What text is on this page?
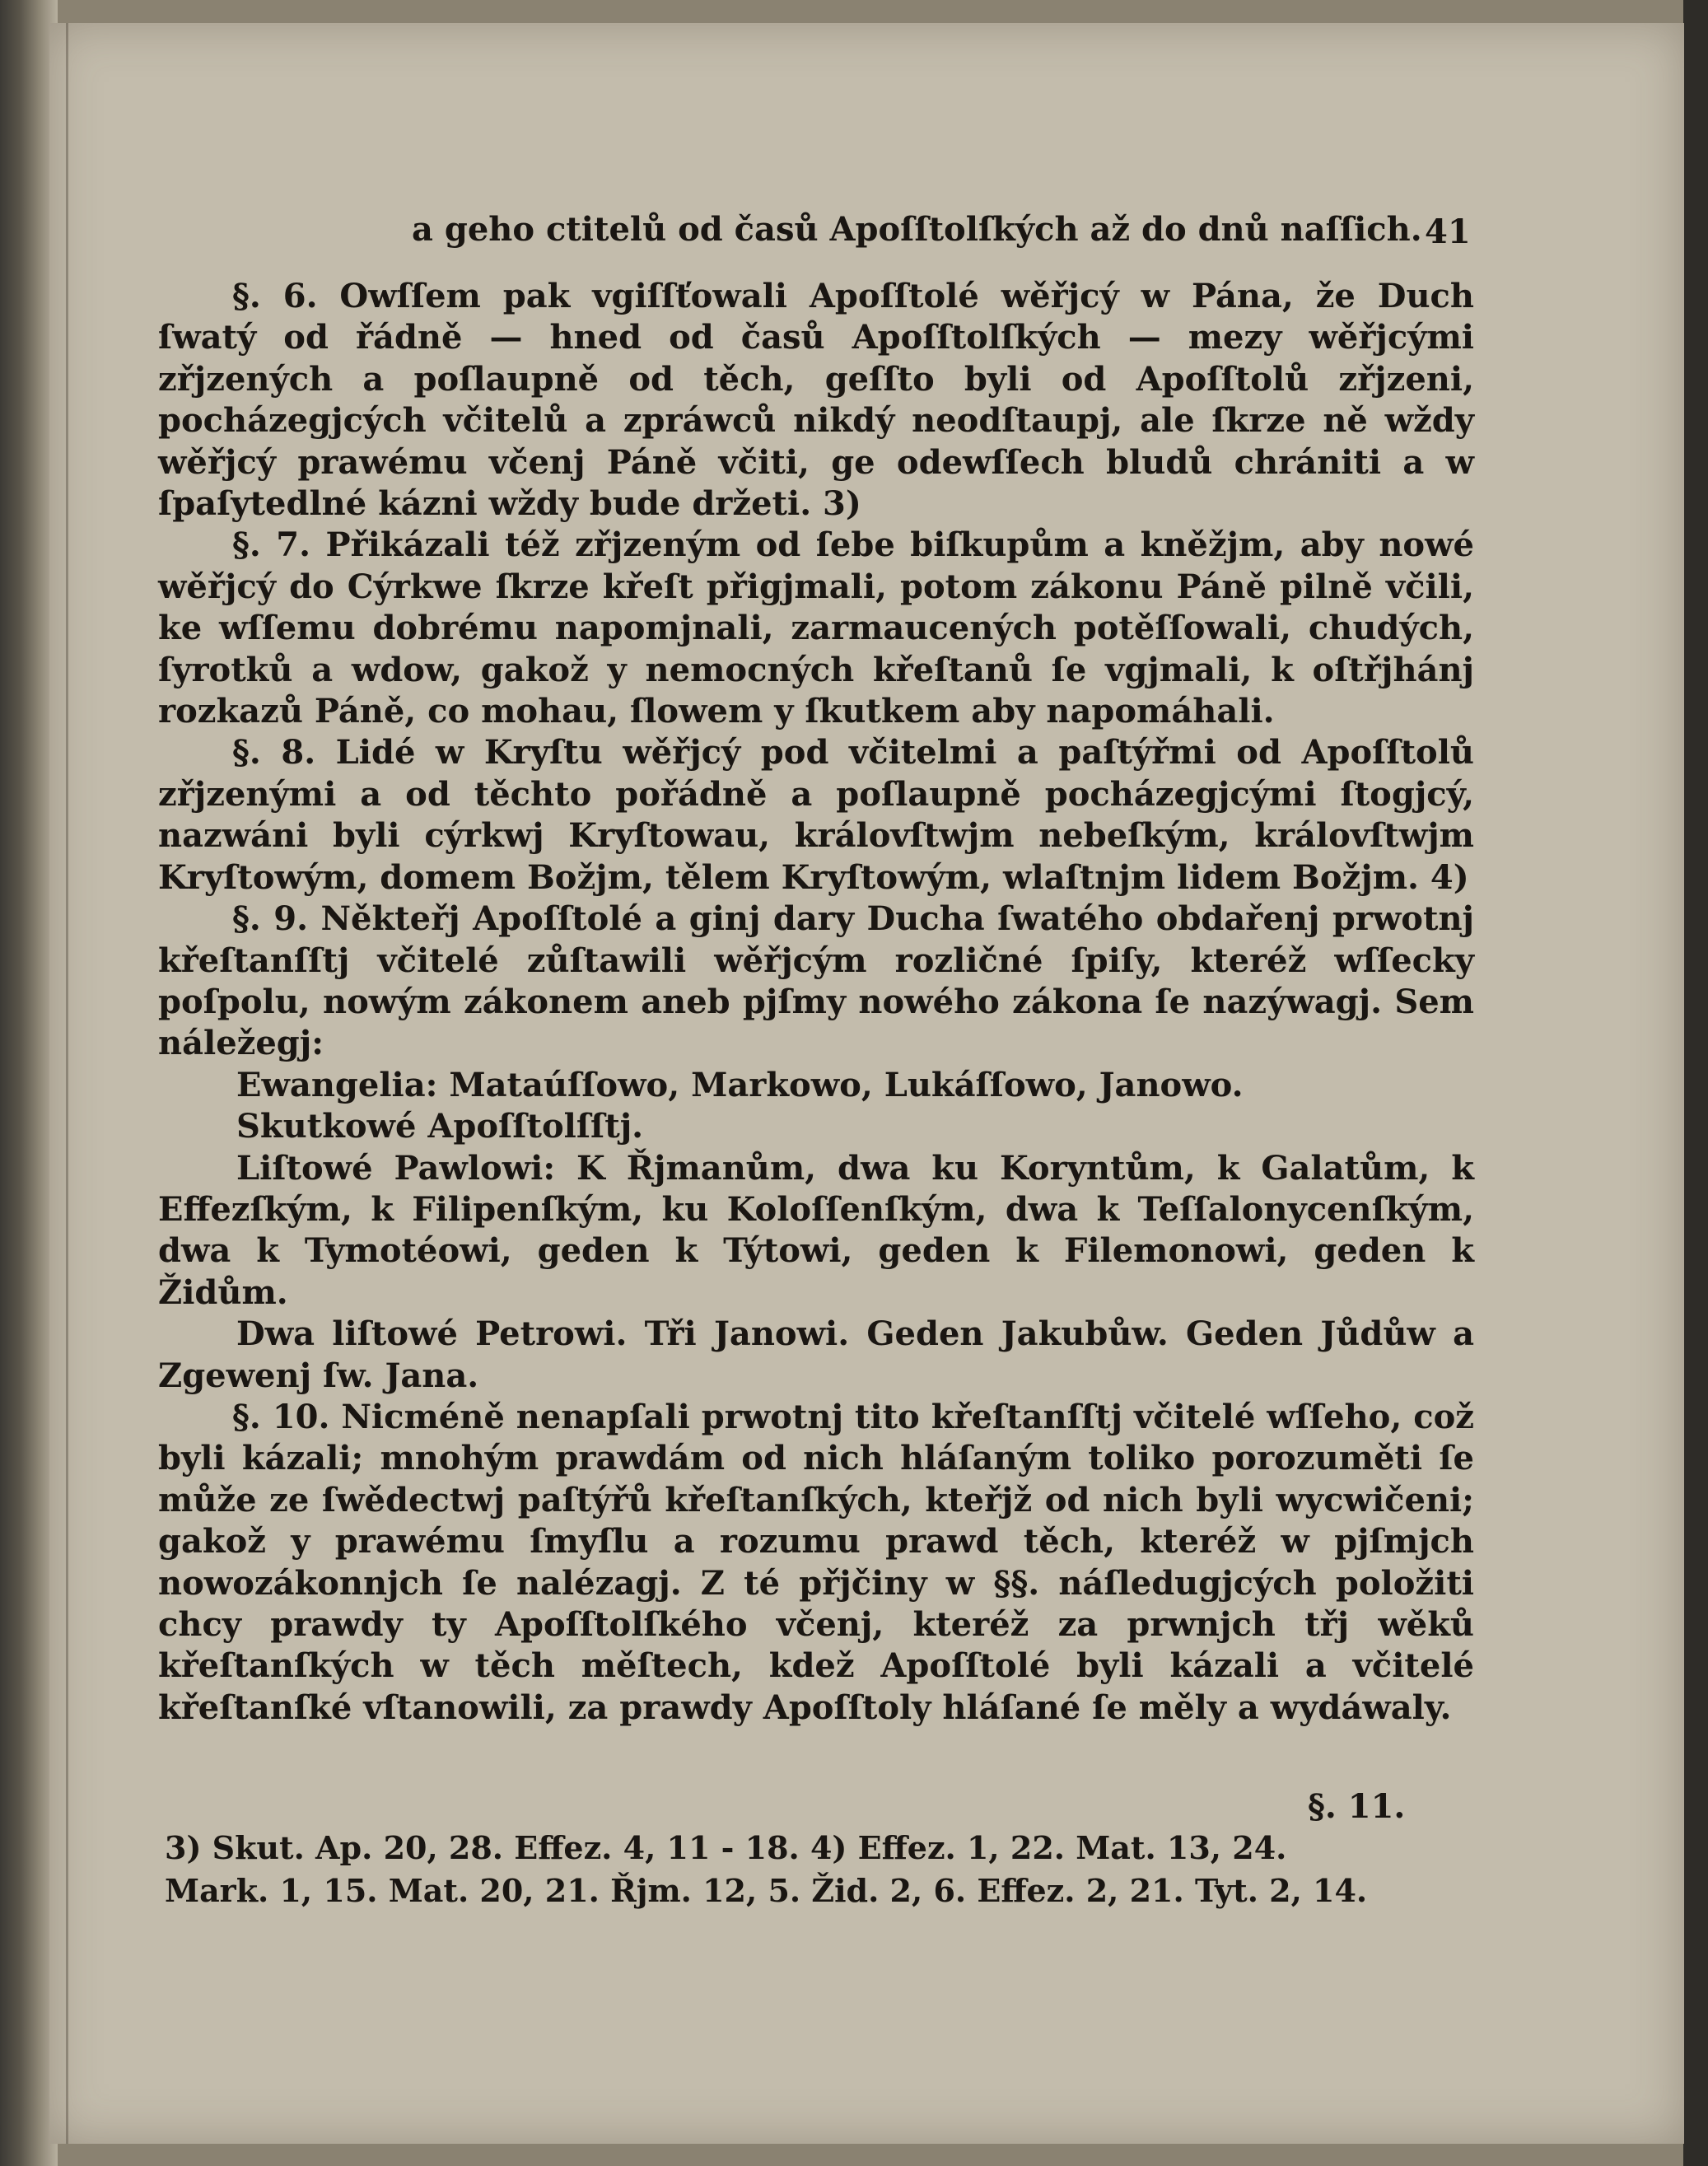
a geho ctitelů od časů Apoſſtolſkých až do dnů naſſich. 41

§. 6. Owſſem pak vgiſſťowali Apoſſtolé wěřjcý w Pána, že Duch ſwatý od řádně — hned od časů Apoſſtolſkých — mezy wěřjcými zřjzených a poſlaupně od těch, geſſto byli od Apoſſtolů zřjzeni, pocházegjcých včitelů a zpráwců nikdý neodſtaupj, ale ſkrze ně wždy wěřjcý prawému včenj Páně včiti, ge odewſſech bludů chrániti a w ſpaſytedlné kázni wždy bude držeti. 3)

§. 7. Přikázali též zřjzeným od ſebe biſkupům a kněžjm, aby nowé wěřjcý do Cýrkwe ſkrze křeſt přigjmali, potom zákonu Páně pilně včili, ke wſſemu dobrému napomjnali, zarmaucených potěſſowali, chudých, ſyrotků a wdow, gakož y nemocných křeſtanů ſe vgjmali, k oſtřjhánj rozkazů Páně, co mohau, ſlowem y ſkutkem aby napomáhali.

§. 8. Lidé w Kryſtu wěřjcý pod včitelmi a paſtýřmi od Apoſſtolů zřjzenými a od těchto pořádně a poſlaupně pocházegjcými ſtogjcý, nazwáni byli cýrkwj Kryſtowau, královſtwjm nebeſkým, královſtwjm Kryſtowým, domem Božjm, tělem Kryſtowým, wlaſtnjm lidem Božjm. 4)

§. 9. Někteřj Apoſſtolé a ginj dary Ducha ſwatého obdařenj prwotnj křeſtanſſtj včitelé zůſtawili wěřjcým rozličné ſpiſy, kteréž wſſecky poſpolu, nowým zákonem aneb pjſmy nowého zákona ſe nazýwagj. Sem náležegj:

Ewangelia: Mataúſſowo, Markowo, Lukáſſowo, Janowo.

Skutkowé Apoſſtolſſtj.

Liſtowé Pawlowi: K Řjmanům, dwa ku Koryntům, k Galatům, k Effezſkým, k Filipenſkým, ku Koloſſenſkým, dwa k Teſſalonycenſkým, dwa k Tymotéowi, geden k Týtowi, geden k Filemonowi, geden k Židům.

Dwa liſtowé Petrowi. Tři Janowi. Geden Jakubůw. Geden Jůdůw a Zgewenj ſw. Jana.

§. 10. Nicméně nenapſali prwotnj tito křeſtanſſtj včitelé wſſeho, což byli kázali; mnohým prawdám od nich hláſaným toliko porozuměti ſe může ze ſwědectwj paſtýřů křeſtanſkých, kteřjž od nich byli wycwičeni; gakož y prawému ſmyſlu a rozumu prawd těch, kteréž w pjſmjch nowozákonnjch ſe nalézagj. Z té přjčiny w §§. náſledugjcých položiti chcy prawdy ty Apoſſtolſkého včenj, kteréž za prwnjch třj wěků křeſtanſkých w těch měſtech, kdež Apoſſtolé byli kázali a včitelé křeſtanſké vſtanowili, za prawdy Apoſſtoly hláſané ſe měly a wydáwaly.

§. 11.
3) Skut. Ap. 20, 28. Effez. 4, 11 - 18. 4) Effez. 1, 22. Mat. 13, 24.
Mark. 1, 15. Mat. 20, 21. Řjm. 12, 5. Žid. 2, 6. Effez. 2, 21. Tyt. 2, 14.
